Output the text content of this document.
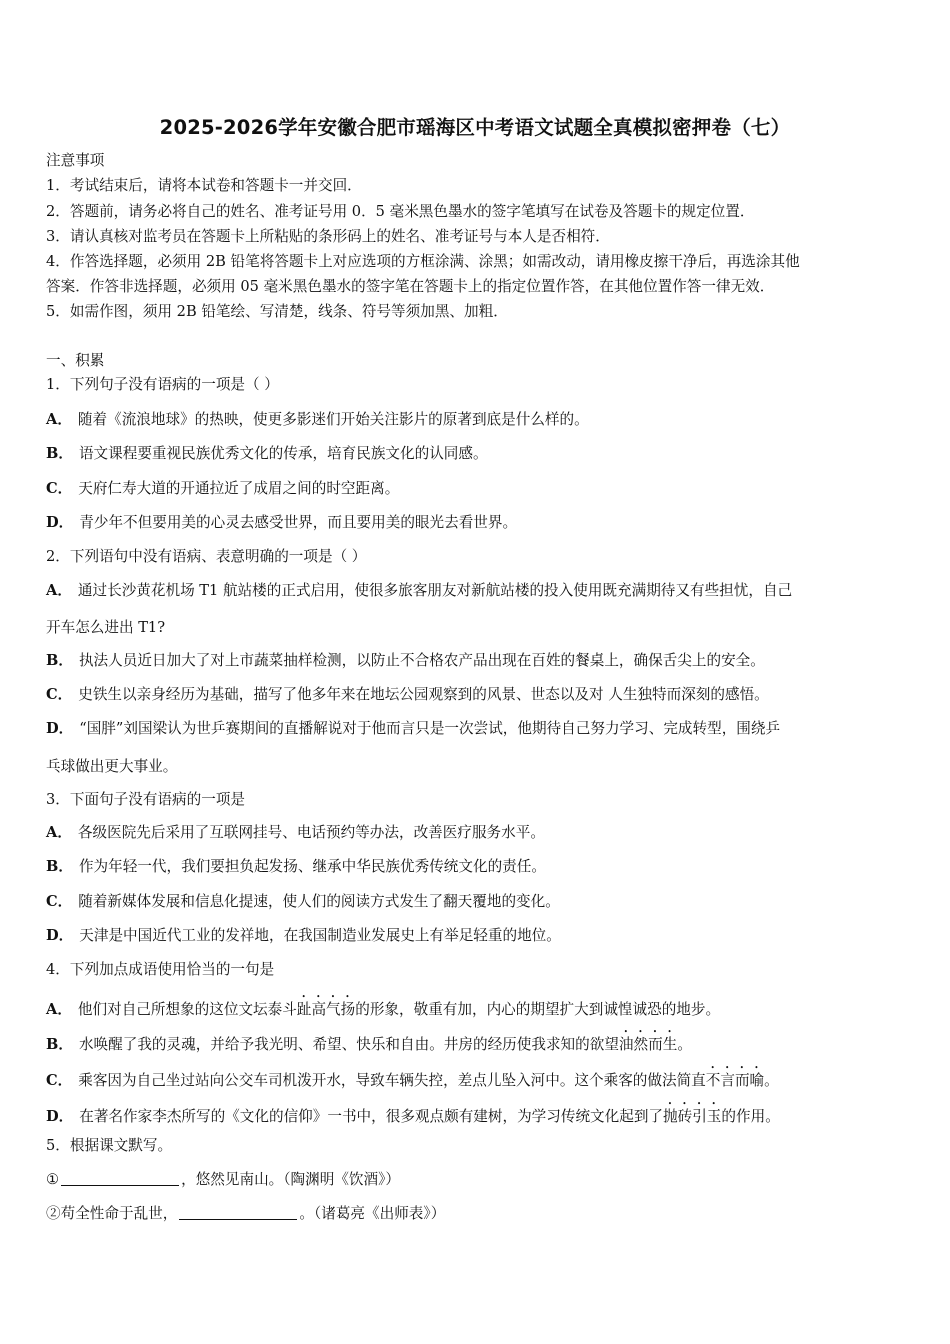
2025-2026学年安徽合肥市瑶海区中考语文试题全真模拟密押卷（七）
注意事项
1．考试结束后，请将本试卷和答题卡一并交回．
2．答题前，请务必将自己的姓名、准考证号用 0．5 毫米黑色墨水的签字笔填写在试卷及答题卡的规定位置．
3．请认真核对监考员在答题卡上所粘贴的条形码上的姓名、准考证号与本人是否相符．
4．作答选择题，必须用 2B 铅笔将答题卡上对应选项的方框涂满、涂黑；如需改动，请用橡皮擦干净后，再选涂其他
答案．作答非选择题，必须用 05 毫米黑色墨水的签字笔在答题卡上的指定位置作答，在其他位置作答一律无效．
5．如需作图，须用 2B 铅笔绘、写清楚，线条、符号等须加黑、加粗．
一、积累
1．下列句子没有语病的一项是（ ）
A． 随着《流浪地球》的热映，使更多影迷们开始关注影片的原著到底是什么样的。
B． 语文课程要重视民族优秀文化的传承，培育民族文化的认同感。
C． 天府仁寿大道的开通拉近了成眉之间的时空距离。
D． 青少年不但要用美的心灵去感受世界，而且要用美的眼光去看世界。
2．下列语句中没有语病、表意明确的一项是（ ）
A． 通过长沙黄花机场 T1 航站楼的正式启用，使很多旅客朋友对新航站楼的投入使用既充满期待又有些担忧，自己
开车怎么进出 T1?
B． 执法人员近日加大了对上市蔬菜抽样检测，以防止不合格农产品出现在百姓的餐桌上，确保舌尖上的安全。
C． 史铁生以亲身经历为基础，描写了他多年来在地坛公园观察到的风景、世态以及对 人生独特而深刻的感悟。
D． “国胖”刘国梁认为世乒赛期间的直播解说对于他而言只是一次尝试，他期待自己努力学习、完成转型，围绕乒
乓球做出更大事业。
3．下面句子没有语病的一项是
A． 各级医院先后采用了互联网挂号、电话预约等办法，改善医疗服务水平。
B． 作为年轻一代，我们要担负起发扬、继承中华民族优秀传统文化的责任。
C． 随着新媒体发展和信息化提速，使人们的阅读方式发生了翻天覆地的变化。
D． 天津是中国近代工业的发祥地，在我国制造业发展史上有举足轻重的地位。
4．下列加点成语使用恰当的一句是
A． 他们对自己所想象的这位文坛泰斗趾高气扬的形象，敬重有加，内心的期望扩大到诚惶诚恐的地步。
B． 水唤醒了我的灵魂，并给予我光明、希望、快乐和自由。井房的经历使我求知的欲望油然而生。
C． 乘客因为自己坐过站向公交车司机泼开水，导致车辆失控，差点儿坠入河中。这个乘客的做法简直不言而喻。
D． 在著名作家李杰所写的《文化的信仰》一书中，很多观点颇有建树，为学习传统文化起到了抛砖引玉的作用。
5．根据课文默写。
①	，悠然见南山。（陶渊明《饮酒》）
②苟全性命于乱世，	。（诸葛亮《出师表》）
